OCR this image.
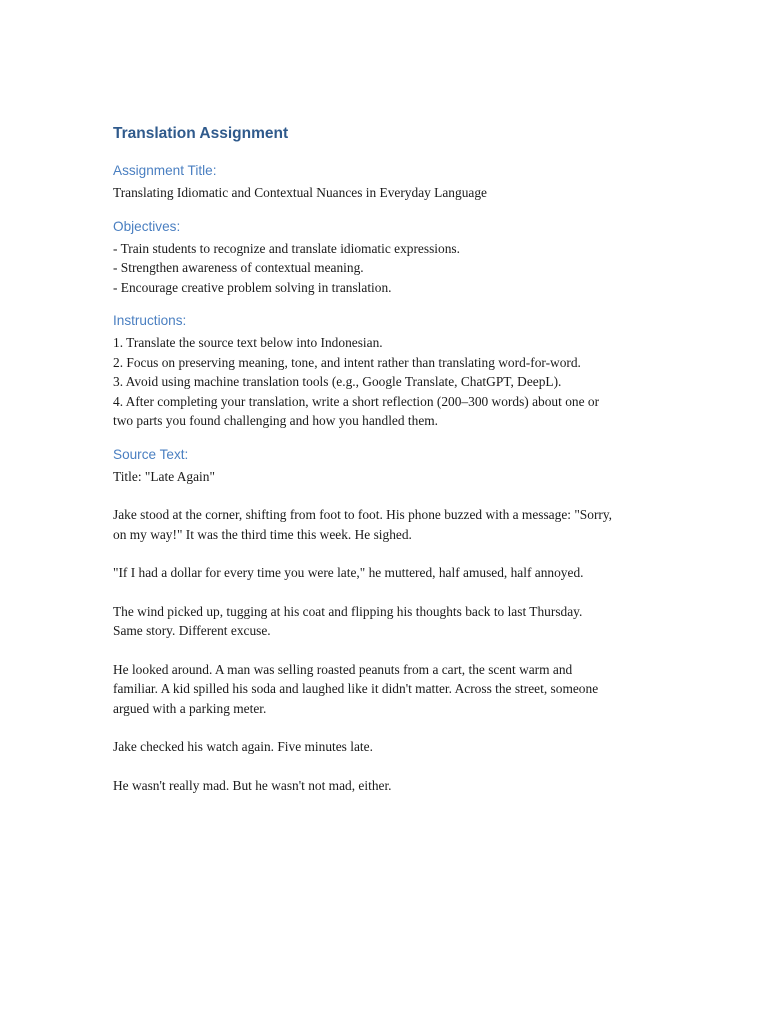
Translation Assignment
Assignment Title:
Translating Idiomatic and Contextual Nuances in Everyday Language
Objectives:
- Train students to recognize and translate idiomatic expressions.
- Strengthen awareness of contextual meaning.
- Encourage creative problem solving in translation.
Instructions:
1. Translate the source text below into Indonesian.
2. Focus on preserving meaning, tone, and intent rather than translating word-for-word.
3. Avoid using machine translation tools (e.g., Google Translate, ChatGPT, DeepL).
4. After completing your translation, write a short reflection (200–300 words) about one or
two parts you found challenging and how you handled them.
Source Text:
Title: "Late Again"
Jake stood at the corner, shifting from foot to foot. His phone buzzed with a message: "Sorry,
on my way!" It was the third time this week. He sighed.
"If I had a dollar for every time you were late," he muttered, half amused, half annoyed.
The wind picked up, tugging at his coat and flipping his thoughts back to last Thursday.
Same story. Different excuse.
He looked around. A man was selling roasted peanuts from a cart, the scent warm and
familiar. A kid spilled his soda and laughed like it didn't matter. Across the street, someone
argued with a parking meter.
Jake checked his watch again. Five minutes late.
He wasn't really mad. But he wasn't not mad, either.
